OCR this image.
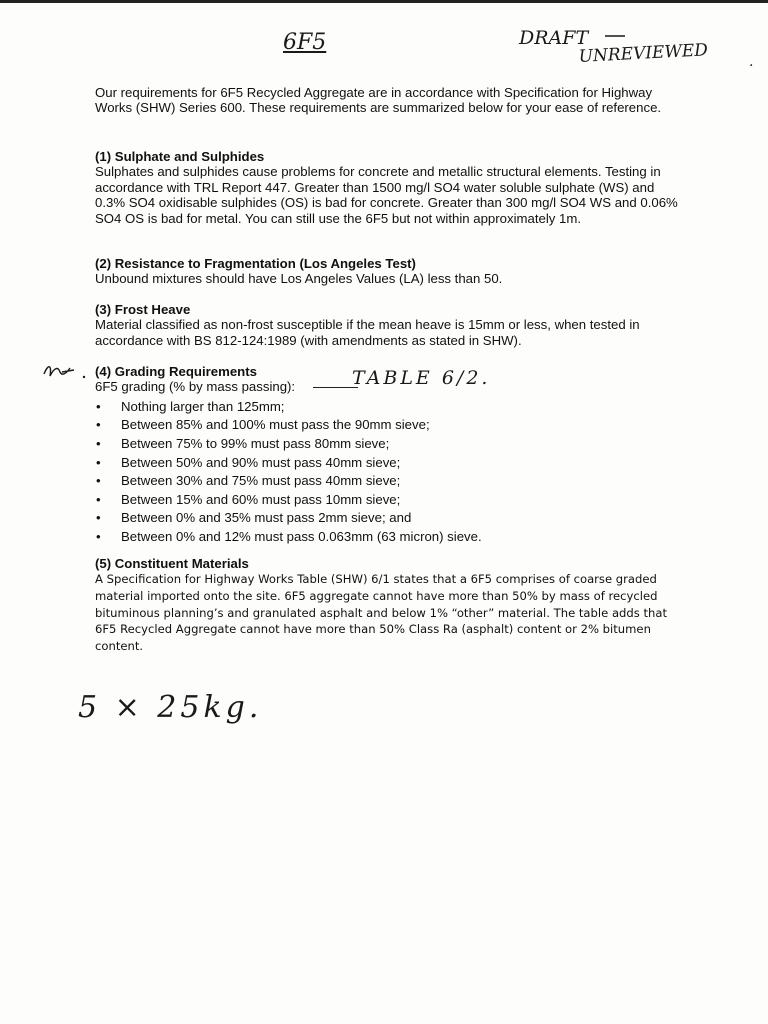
6F5	DRAFT
UNREVIEWED	.
Our requirements for 6F5 Recycled Aggregate are in accordance with Specification for Highway Works (SHW) Series 600. These requirements are summarized below for your ease of reference.
(1) Sulphate and Sulphides

Sulphates and sulphides cause problems for concrete and metallic structural elements. Testing in accordance with TRL Report 447. Greater than 1500 mg/l SO4 water soluble sulphate (WS) and 0.3% SO4 oxidisable sulphides (OS) is bad for concrete. Greater than 300 mg/l SO4 WS and 0.06% SO4 OS is bad for metal. You can still use the 6F5 but not within approximately 1m.

(2) Resistance to Fragmentation (Los Angeles Test)

Unbound mixtures should have Los Angeles Values (LA) less than 50.

(3) Frost Heave

Material classified as non-frost susceptible if the mean heave is 15mm or less, when tested in accordance with BS 812-124:1989 (with amendments as stated in SHW).

(4) Grading Requirements

6F5 grading (% by mass passing):

• Nothing larger than 125mm;
• Between 85% and 100% must pass the 90mm sieve;
• Between 75% to 99% must pass 80mm sieve;
• Between 50% and 90% must pass 40mm sieve;
• Between 30% and 75% must pass 40mm sieve;
• Between 15% and 60% must pass 10mm sieve;
• Between 0% and 35% must pass 2mm sieve; and
• Between 0% and 12% must pass 0.063mm (63 micron) sieve.
TABLE 6/2.
(5) Constituent Materials

A Specification for Highway Works Table (SHW) 6/1 states that a 6F5 comprises of coarse graded material imported onto the site. 6F5 aggregate cannot have more than 50% by mass of recycled bituminous planning’s and granulated asphalt and below 1% “other” material. The table adds that 6F5 Recycled Aggregate cannot have more than 50% Class Ra (asphalt) content or 2% bitumen content.

5 × 25kg.
